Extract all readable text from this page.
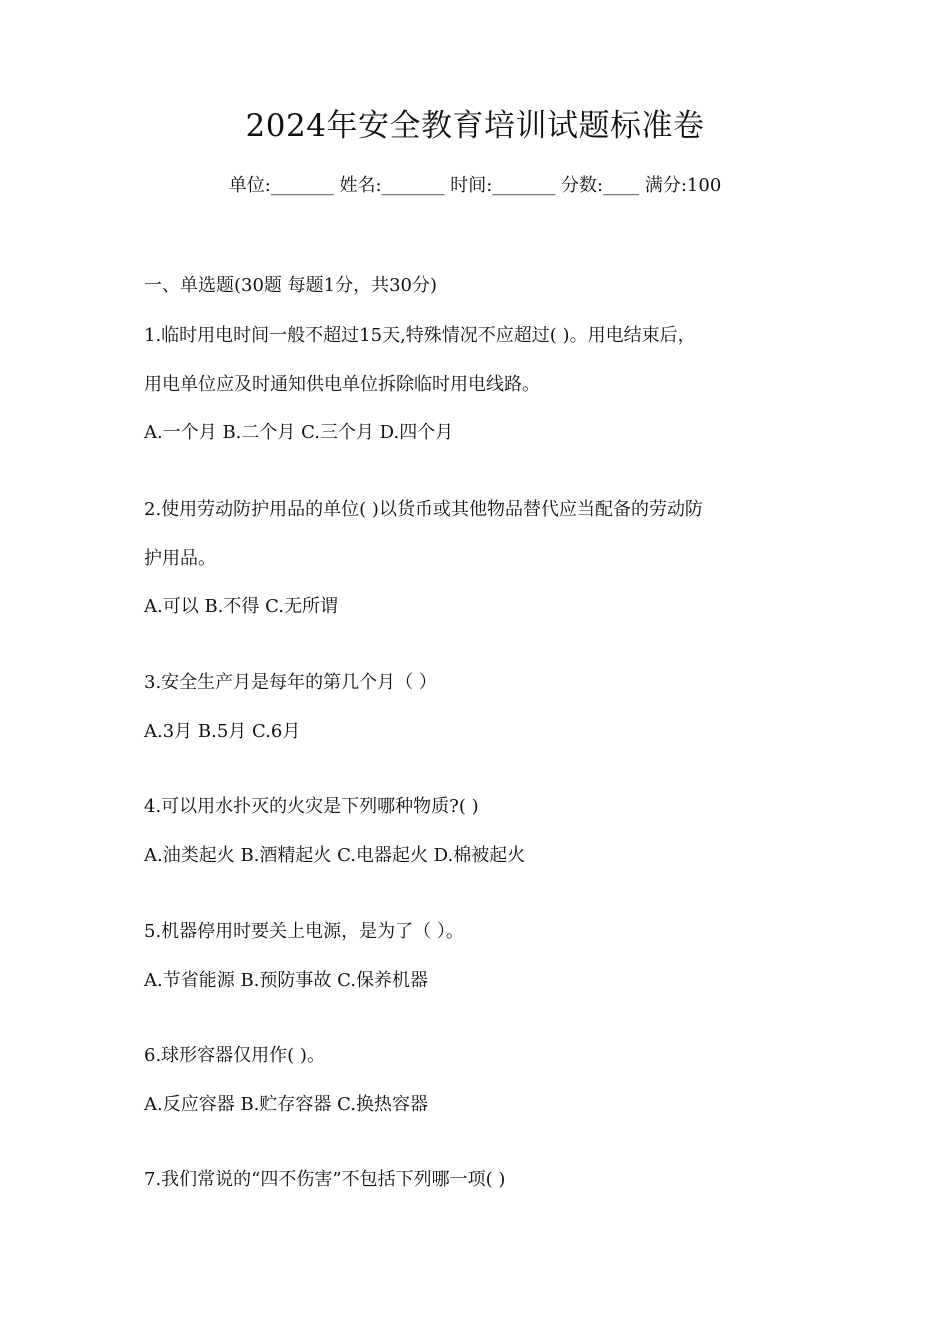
2024年安全教育培训试题标准卷
单位:_______ 姓名:_______ 时间:_______ 分数:____ 满分:100
一、单选题(30题 每题1分，共30分)
1.临时用电时间一般不超过15天,特殊情况不应超过( )。用电结束后，
用电单位应及时通知供电单位拆除临时用电线路。
A.一个月 B.二个月 C.三个月 D.四个月
2.使用劳动防护用品的单位( )以货币或其他物品替代应当配备的劳动防
护用品。
A.可以 B.不得 C.无所谓
3.安全生产月是每年的第几个月（ ）
A.3月 B.5月 C.6月
4.可以用水扑灭的火灾是下列哪种物质?( )
A.油类起火 B.酒精起火 C.电器起火 D.棉被起火
5.机器停用时要关上电源，是为了（ ）。
A.节省能源 B.预防事故 C.保养机器
6.球形容器仅用作( )。
A.反应容器 B.贮存容器 C.换热容器
7.我们常说的“四不伤害”不包括下列哪一项( )
